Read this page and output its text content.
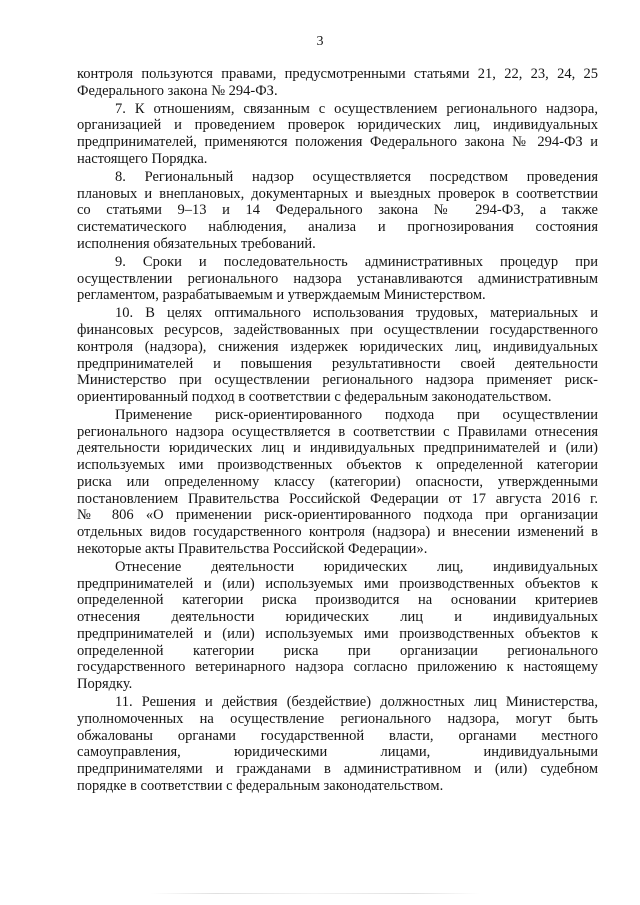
3
контроля пользуются правами, предусмотренными статьями 21, 22, 23, 24, 25
Федерального закона № 294-ФЗ.
7. К отношениям, связанным с осуществлением регионального надзора,
организацией и проведением проверок юридических лиц, индивидуальных
предпринимателей, применяются положения Федерального закона № 294-ФЗ и
настоящего Порядка.
8. Региональный надзор осуществляется посредством проведения
плановых и внеплановых, документарных и выездных проверок в соответствии
со статьями 9–13 и 14 Федерального закона № 294-ФЗ, а также
систематического наблюдения, анализа и прогнозирования состояния
исполнения обязательных требований.
9. Сроки и последовательность административных процедур при
осуществлении регионального надзора устанавливаются административным
регламентом, разрабатываемым и утверждаемым Министерством.
10. В целях оптимального использования трудовых, материальных и
финансовых ресурсов, задействованных при осуществлении государственного
контроля (надзора), снижения издержек юридических лиц, индивидуальных
предпринимателей и повышения результативности своей деятельности
Министерство при осуществлении регионального надзора применяет риск-
ориентированный подход в соответствии с федеральным законодательством.
Применение риск-ориентированного подхода при осуществлении
регионального надзора осуществляется в соответствии с Правилами отнесения
деятельности юридических лиц и индивидуальных предпринимателей и (или)
используемых ими производственных объектов к определенной категории
риска или определенному классу (категории) опасности, утвержденными
постановлением Правительства Российской Федерации от 17 августа 2016 г.
№ 806 «О применении риск-ориентированного подхода при организации
отдельных видов государственного контроля (надзора) и внесении изменений в
некоторые акты Правительства Российской Федерации».
Отнесение деятельности юридических лиц, индивидуальных
предпринимателей и (или) используемых ими производственных объектов к
определенной категории риска производится на основании критериев
отнесения деятельности юридических лиц и индивидуальных
предпринимателей и (или) используемых ими производственных объектов к
определенной категории риска при организации регионального
государственного ветеринарного надзора согласно приложению к настоящему
Порядку.
11. Решения и действия (бездействие) должностных лиц Министерства,
уполномоченных на осуществление регионального надзора, могут быть
обжалованы органами государственной власти, органами местного
самоуправления, юридическими лицами, индивидуальными
предпринимателями и гражданами в административном и (или) судебном
порядке в соответствии с федеральным законодательством.
